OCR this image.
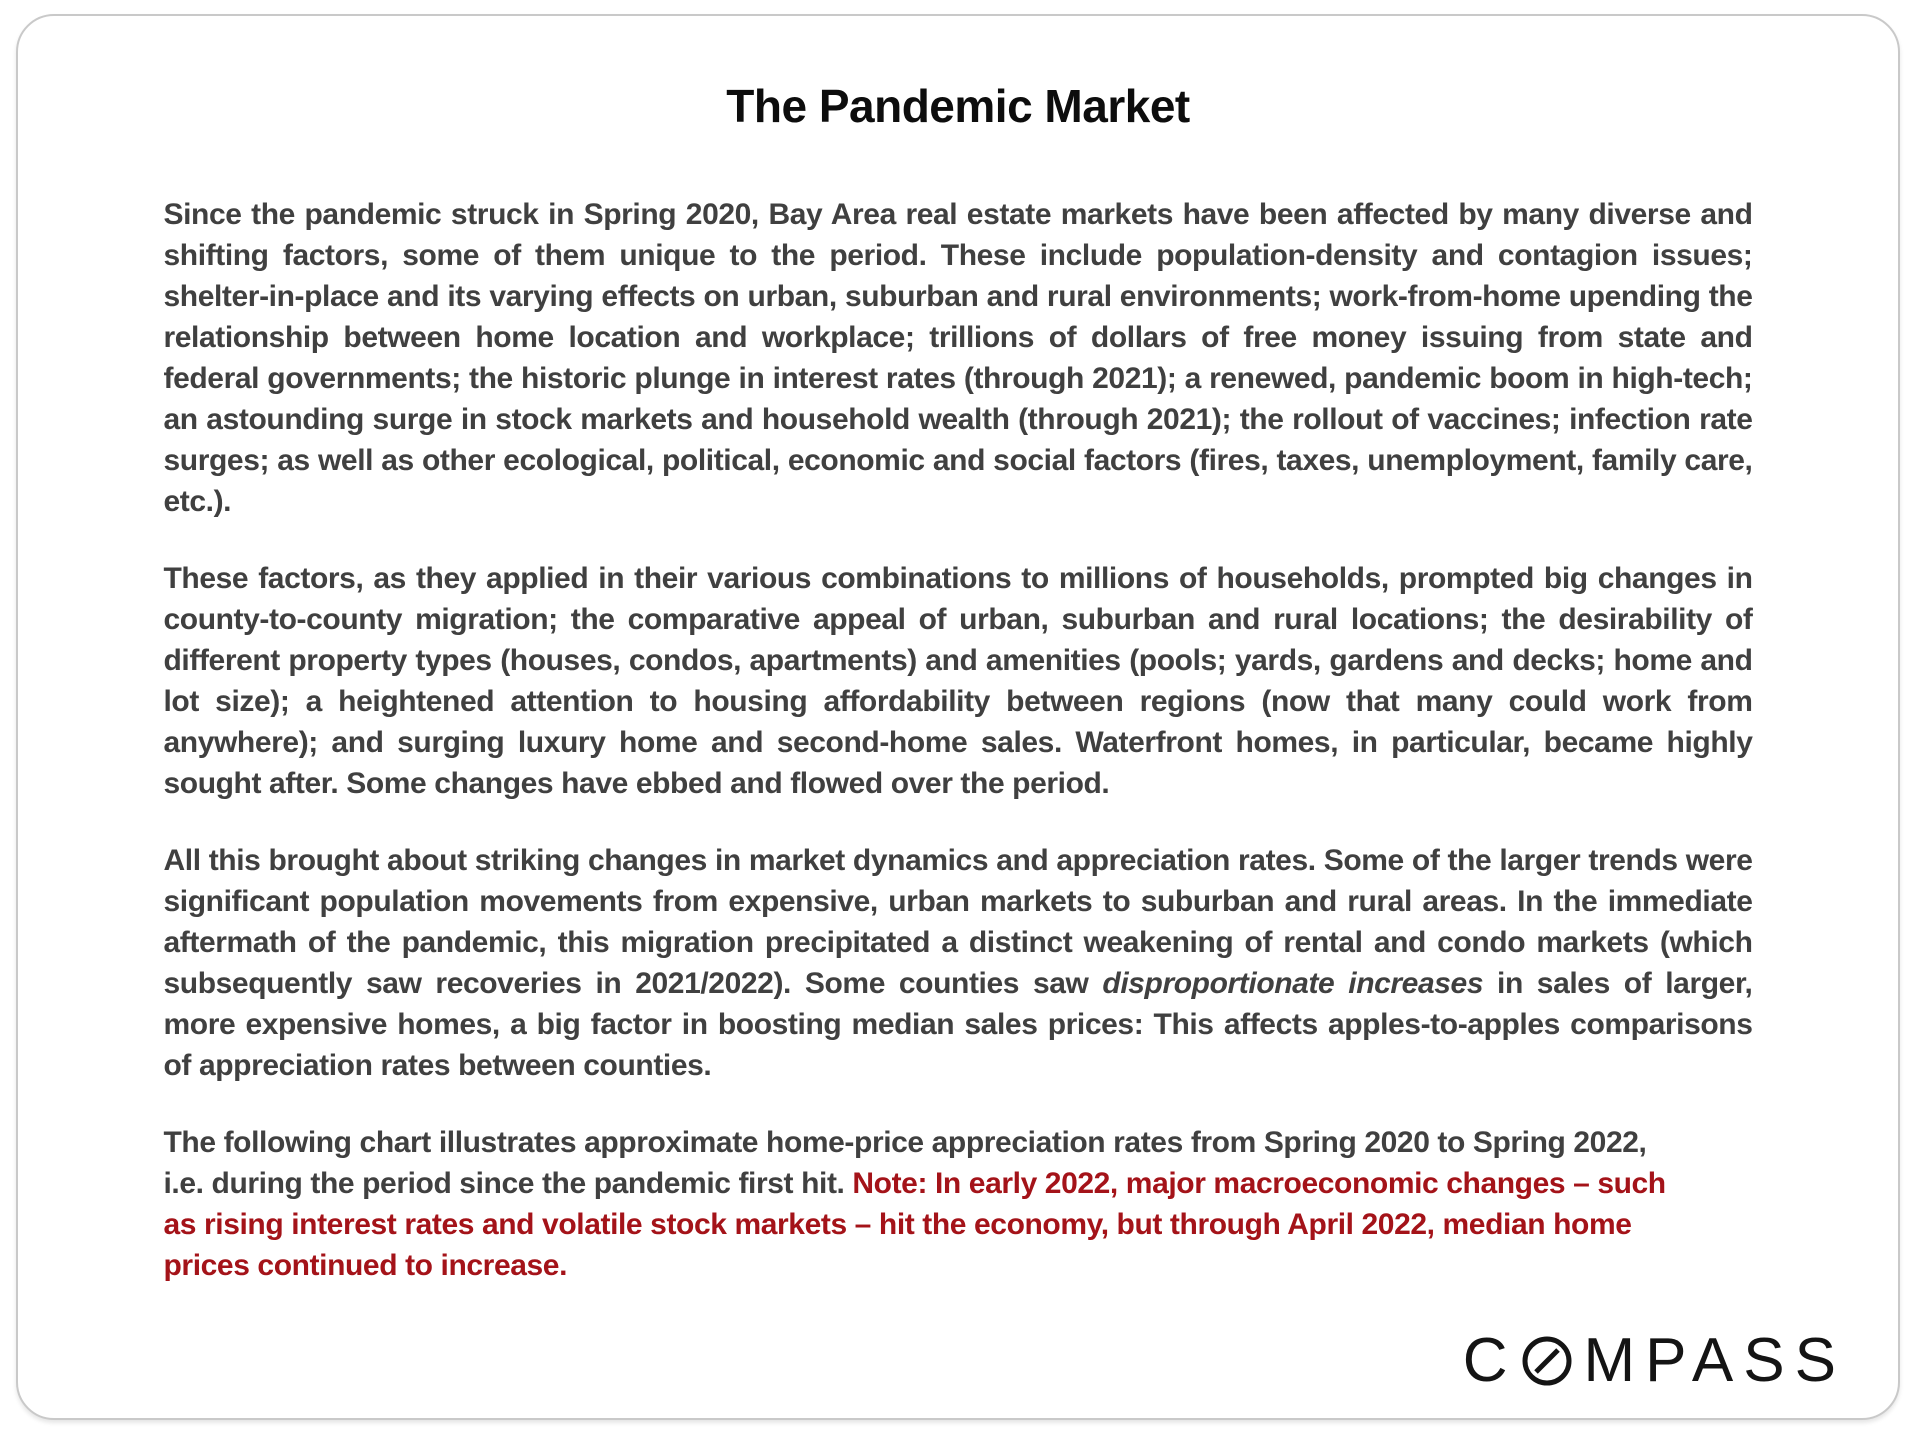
The Pandemic Market

Since the pandemic struck in Spring 2020, Bay Area real estate markets have been affected by many diverse and shifting factors, some of them unique to the period. These include population-density and contagion issues; shelter-in-place and its varying effects on urban, suburban and rural environments; work-from-home upending the relationship between home location and workplace; trillions of dollars of free money issuing from state and federal governments; the historic plunge in interest rates (through 2021); a renewed, pandemic boom in high-tech; an astounding surge in stock markets and household wealth (through 2021); the rollout of vaccines; infection rate surges; as well as other ecological, political, economic and social factors (fires, taxes, unemployment, family care, etc.).

These factors, as they applied in their various combinations to millions of households, prompted big changes in county-to-county migration; the comparative appeal of urban, suburban and rural locations; the desirability of different property types (houses, condos, apartments) and amenities (pools; yards, gardens and decks; home and lot size); a heightened attention to housing affordability between regions (now that many could work from anywhere); and surging luxury home and second-home sales. Waterfront homes, in particular, became highly sought after. Some changes have ebbed and flowed over the period.

All this brought about striking changes in market dynamics and appreciation rates. Some of the larger trends were significant population movements from expensive, urban markets to suburban and rural areas. In the immediate aftermath of the pandemic, this migration precipitated a distinct weakening of rental and condo markets (which subsequently saw recoveries in 2021/2022). Some counties saw disproportionate increases in sales of larger, more expensive homes, a big factor in boosting median sales prices: This affects apples-to-apples comparisons of appreciation rates between counties.

The following chart illustrates approximate home-price appreciation rates from Spring 2020 to Spring 2022, i.e. during the period since the pandemic first hit. Note: In early 2022, major macroeconomic changes – such as rising interest rates and volatile stock markets – hit the economy, but through April 2022, median home prices continued to increase.

C MPASS
